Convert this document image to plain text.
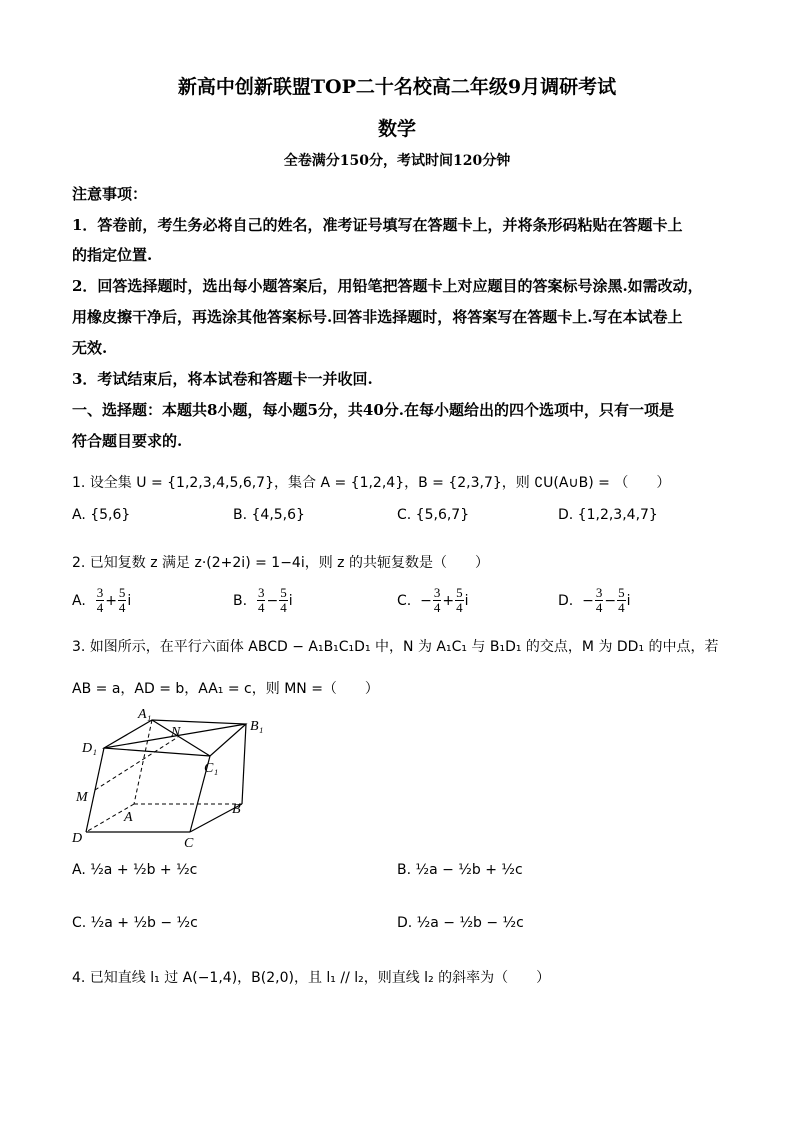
新高中创新联盟TOP二十名校高二年级9月调研考试
数学
全卷满分150分，考试时间120分钟
注意事项：
1．答卷前，考生务必将自己的姓名，准考证号填写在答题卡上，并将条形码粘贴在答题卡上
的指定位置.
2．回答选择题时，选出每小题答案后，用铅笔把答题卡上对应题目的答案标号涂黑.如需改动，
用橡皮擦干净后，再选涂其他答案标号.回答非选择题时，将答案写在答题卡上.写在本试卷上
无效.
3．考试结束后，将本试卷和答题卡一并收回.
一、选择题：本题共8小题，每小题5分，共40分.在每小题给出的四个选项中，只有一项是
符合题目要求的.
1. 设全集 U = {1,2,3,4,5,6,7}，集合 A = {1,2,4}，B = {2,3,7}，则 ∁U(A∪B) = （　　）
A. {5,6}	B. {4,5,6}	C. {5,6,7}	D. {1,2,3,4,7}
2. 已知复数 z 满足 z·(2+2i) = 1−4i，则 z 的共轭复数是（　　）
A.
$\frac{3}{4} + \frac{5}{4}$ i	B.
$\frac{3}{4} - \frac{5}{4}$ i	C.
− $\frac{3}{4} + \frac{5}{4}$ i	D.
− $\frac{3}{4} - \frac{5}{4}$ i
3. 如图所示，在平行六面体 ABCD − A₁B₁C₁D₁ 中，N 为 A₁C₁ 与 B₁D₁ 的交点，M 为 DD₁ 的中点，若
AB = a，AD = b，AA₁ = c，则 MN =（　　）
A₁
B₁
C₁
D₁
N
M
A
B
C
D
A. ½a + ½b + ½c	B. ½a − ½b + ½c
C. ½a + ½b − ½c	D. ½a − ½b − ½c
4. 已知直线 l₁ 过 A(−1,4)，B(2,0)，且 l₁ // l₂，则直线 l₂ 的斜率为（　　）
